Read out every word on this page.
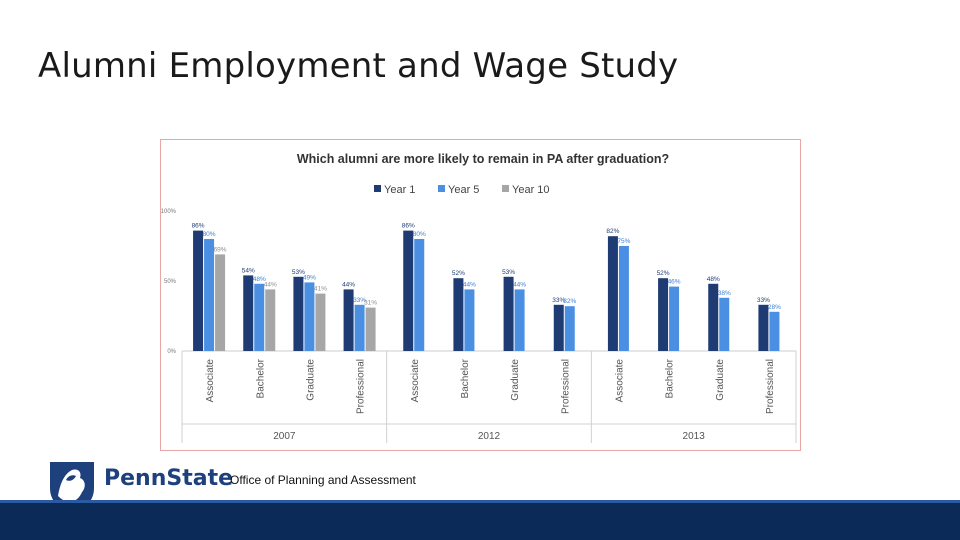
Alumni Employment and Wage Study
Which alumni are more likely to remain in PA after graduation?
Year 1	Year 5	Year 10
100%
50%
0%
86%
80%
69%
Associate
54%
48%
44%
Bachelor
53%
49%
41%
Graduate
44%
33%
31%
Professional
2007
86%
80%
Associate
52%
44%
Bachelor
53%
44%
Graduate
33%
32%
Professional
2012
82%
75%
Associate
52%
46%
Bachelor
48%
38%
Graduate
33%
28%
Professional
2013
PennState
Office of Planning and Assessment
